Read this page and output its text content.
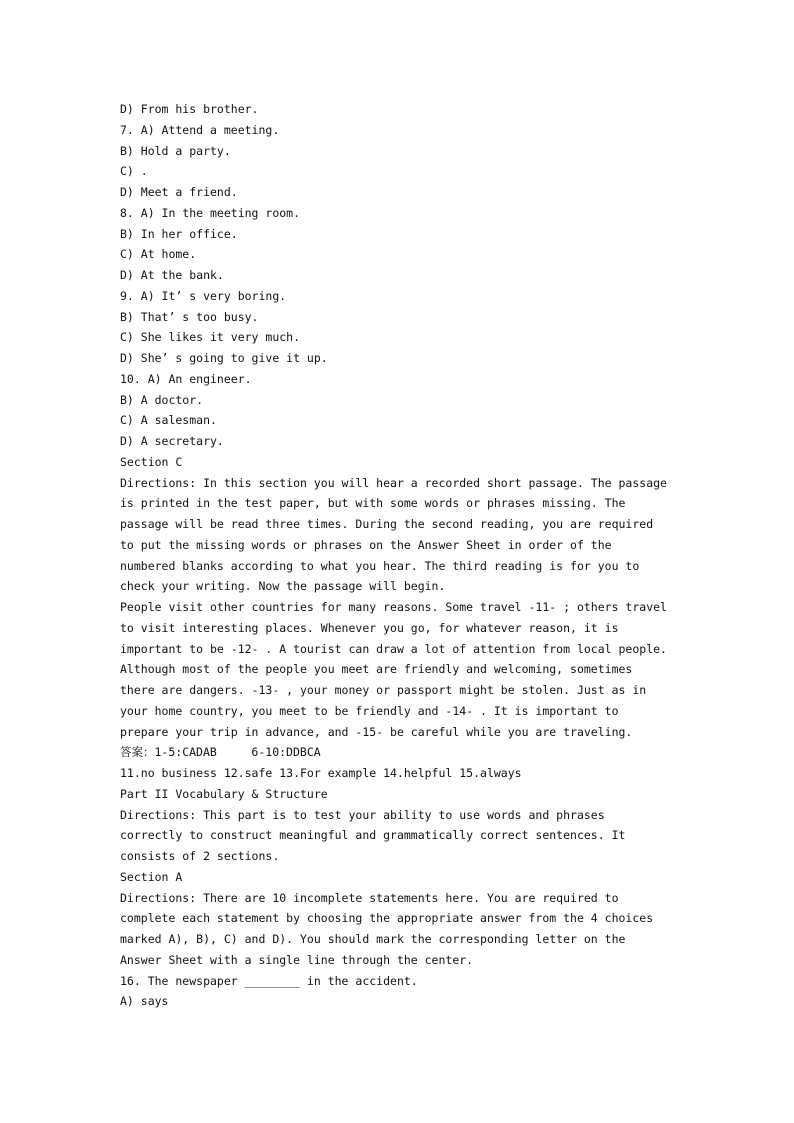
D) From his brother.
7. A) Attend a meeting.
B) Hold a party.
C) .
D) Meet a friend.
8. A) In the meeting room.
B) In her office.
C) At home.
D) At the bank.
9. A) It’ s very boring.
B) That’ s too busy.
C) She likes it very much.
D) She’ s going to give it up.
10. A) An engineer.
B) A doctor.
C) A salesman.
D) A secretary.
Section C
Directions: In this section you will hear a recorded short passage. The passage
is printed in the test paper, but with some words or phrases missing. The
passage will be read three times. During the second reading, you are required
to put the missing words or phrases on the Answer Sheet in order of the
numbered blanks according to what you hear. The third reading is for you to
check your writing. Now the passage will begin.
People visit other countries for many reasons. Some travel -11- ; others travel
to visit interesting places. Whenever you go, for whatever reason, it is
important to be -12- . A tourist can draw a lot of attention from local people.
Although most of the people you meet are friendly and welcoming, sometimes
there are dangers. -13- , your money or passport might be stolen. Just as in
your home country, you meet to be friendly and -14- . It is important to
prepare your trip in advance, and -15- be careful while you are traveling.
答案：1-5:CADAB     6-10:DDBCA
11.no business 12.safe 13.For example 14.helpful 15.always
Part II Vocabulary & Structure
Directions: This part is to test your ability to use words and phrases
correctly to construct meaningful and grammatically correct sentences. It
consists of 2 sections.
Section A
Directions: There are 10 incomplete statements here. You are required to
complete each statement by choosing the appropriate answer from the 4 choices
marked A), B), C) and D). You should mark the corresponding letter on the
Answer Sheet with a single line through the center.
16. The newspaper ________ in the accident.
A) says
